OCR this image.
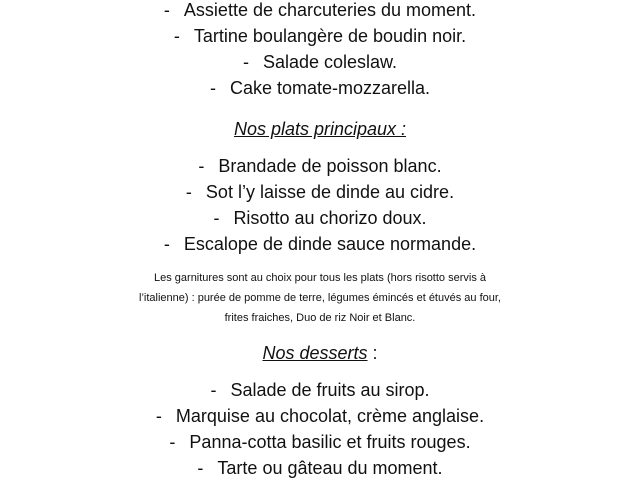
- Assiette de charcuteries du moment.
- Tartine boulangère de boudin noir.
- Salade coleslaw.
- Cake tomate-mozzarella.
Nos plats principaux :
- Brandade de poisson blanc.
- Sot l’y laisse de dinde au cidre.
- Risotto au chorizo doux.
- Escalope de dinde sauce normande.

Les garnitures sont au choix pour tous les plats (hors risotto servis à
l’italienne) : purée de pomme de terre, légumes émincés et étuvés au four,
frites fraiches, Duo de riz Noir et Blanc.

Nos desserts :
- Salade de fruits au sirop.
- Marquise au chocolat, crème anglaise.
- Panna-cotta basilic et fruits rouges.
- Tarte ou gâteau du moment.
